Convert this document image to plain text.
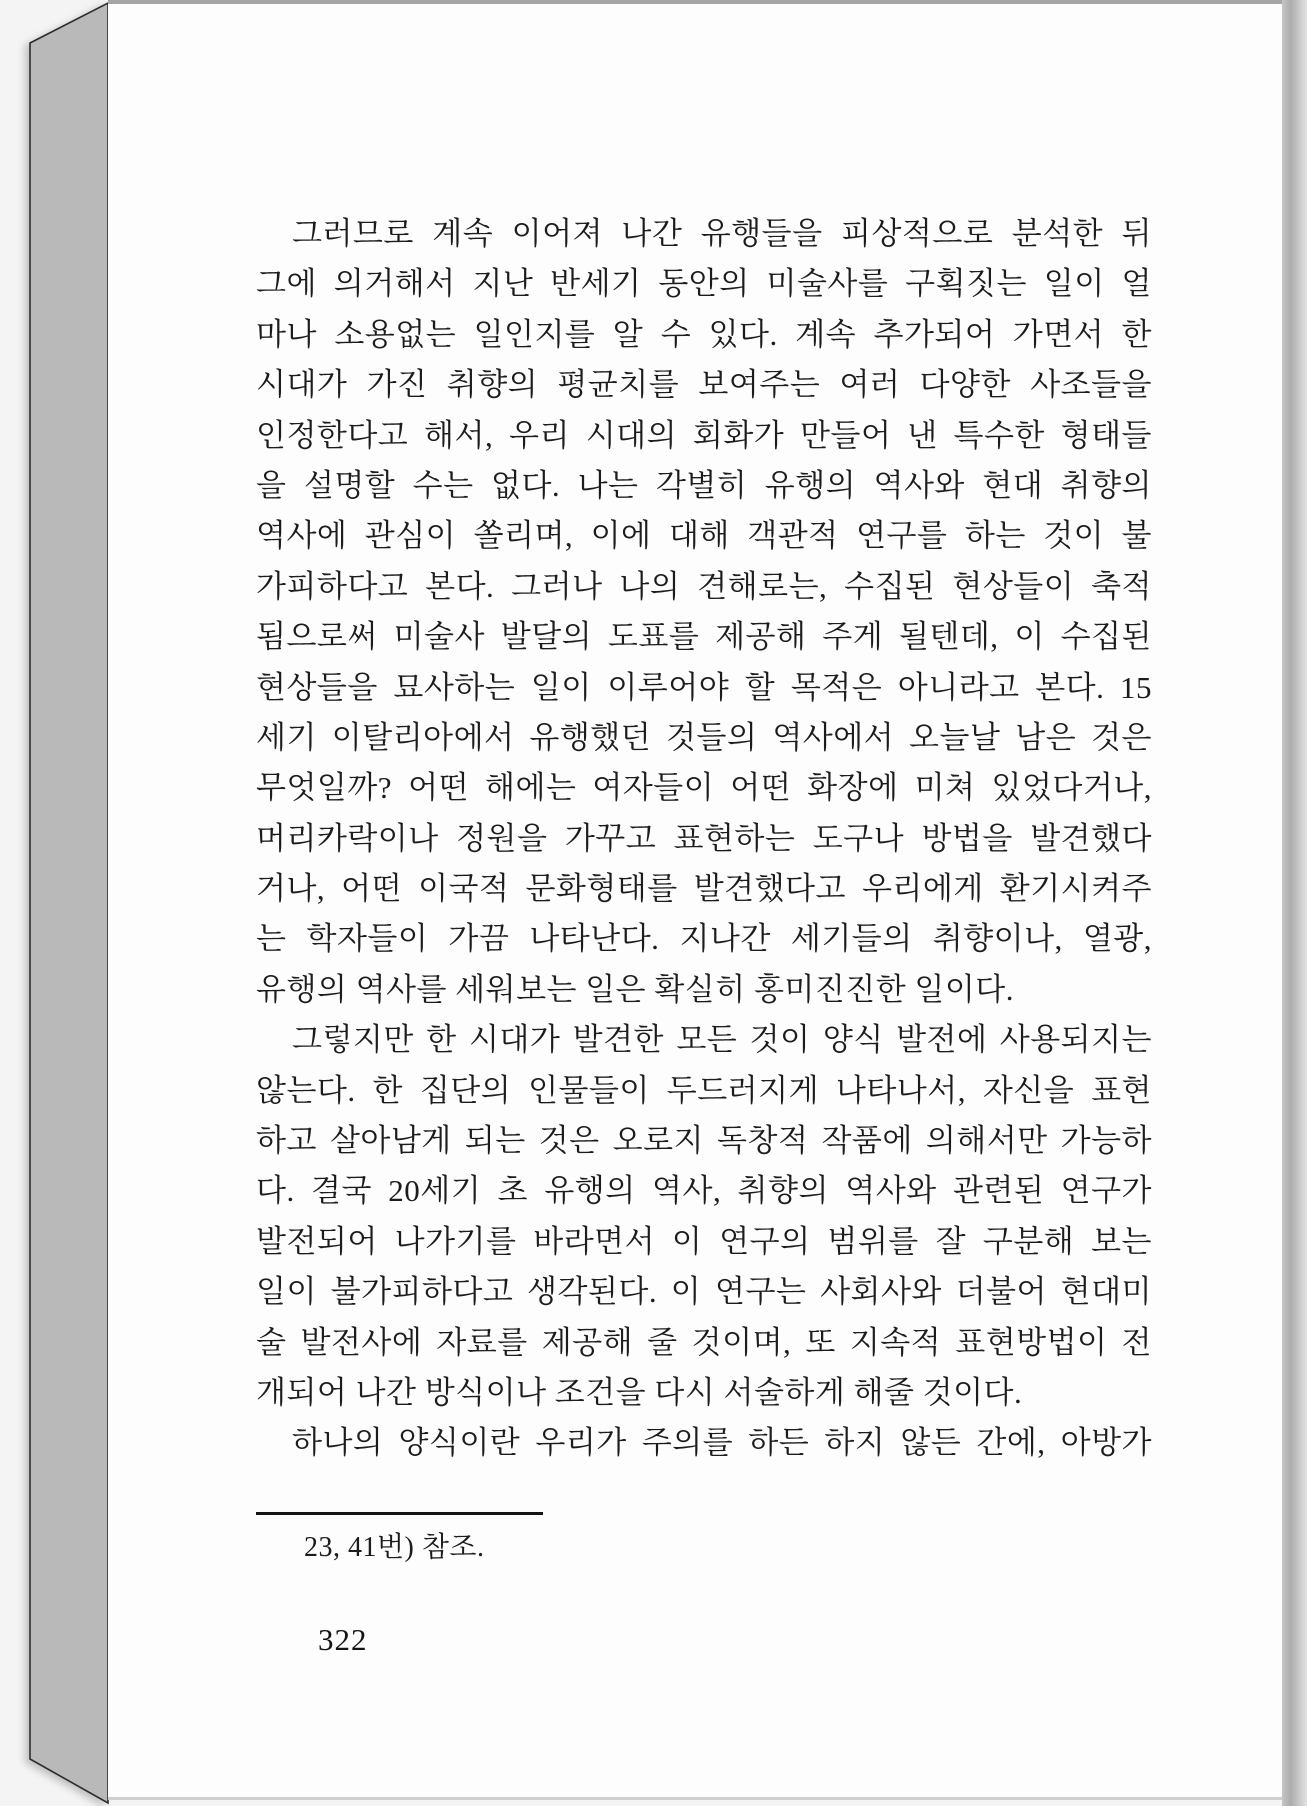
그러므로 계속 이어져 나간 유행들을 피상적으로 분석한 뒤
그에 의거해서 지난 반세기 동안의 미술사를 구획짓는 일이 얼
마나 소용없는 일인지를 알 수 있다. 계속 추가되어 가면서 한
시대가 가진 취향의 평균치를 보여주는 여러 다양한 사조들을
인정한다고 해서, 우리 시대의 회화가 만들어 낸 특수한 형태들
을 설명할 수는 없다. 나는 각별히 유행의 역사와 현대 취향의
역사에 관심이 쏠리며, 이에 대해 객관적 연구를 하는 것이 불
가피하다고 본다. 그러나 나의 견해로는, 수집된 현상들이 축적
됨으로써 미술사 발달의 도표를 제공해 주게 될텐데, 이 수집된
현상들을 묘사하는 일이 이루어야 할 목적은 아니라고 본다. 15
세기 이탈리아에서 유행했던 것들의 역사에서 오늘날 남은 것은
무엇일까? 어떤 해에는 여자들이 어떤 화장에 미쳐 있었다거나,
머리카락이나 정원을 가꾸고 표현하는 도구나 방법을 발견했다
거나, 어떤 이국적 문화형태를 발견했다고 우리에게 환기시켜주
는 학자들이 가끔 나타난다. 지나간 세기들의 취향이나, 열광,
유행의 역사를 세워보는 일은 확실히 홍미진진한 일이다.
그렇지만 한 시대가 발견한 모든 것이 양식 발전에 사용되지는
않는다. 한 집단의 인물들이 두드러지게 나타나서, 자신을 표현
하고 살아남게 되는 것은 오로지 독창적 작품에 의해서만 가능하
다. 결국 20세기 초 유행의 역사, 취향의 역사와 관련된 연구가
발전되어 나가기를 바라면서 이 연구의 범위를 잘 구분해 보는
일이 불가피하다고 생각된다. 이 연구는 사회사와 더불어 현대미
술 발전사에 자료를 제공해 줄 것이며, 또 지속적 표현방법이 전
개되어 나간 방식이나 조건을 다시 서술하게 해줄 것이다.
하나의 양식이란 우리가 주의를 하든 하지 않든 간에, 아방가
23, 41번) 참조.
322
